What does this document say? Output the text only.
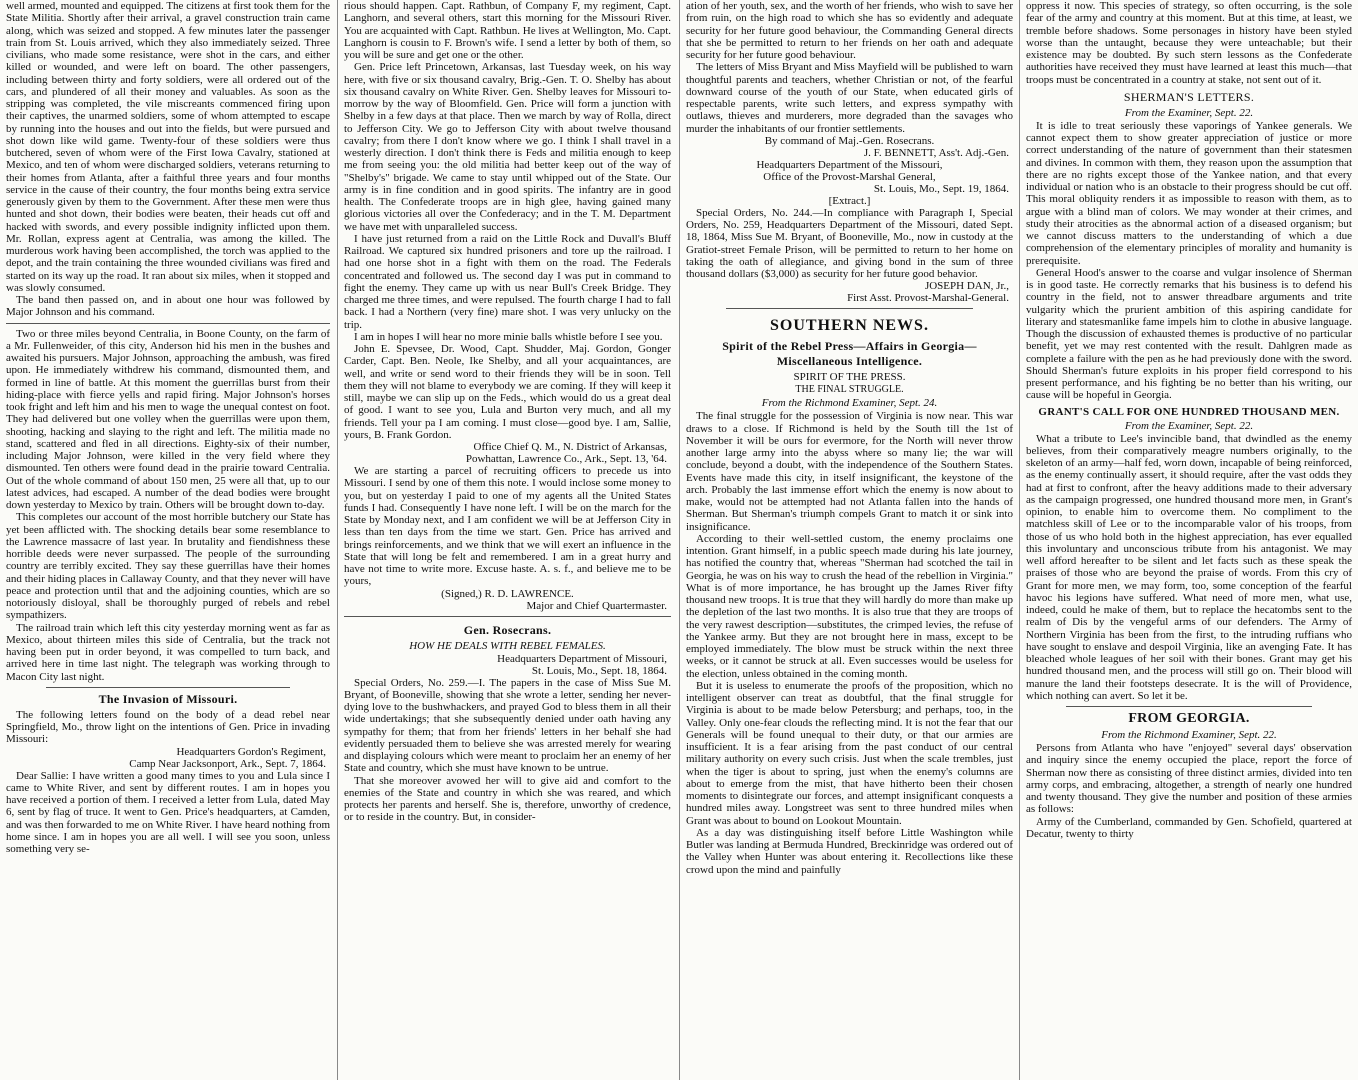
well armed, mounted and equipped. The citizens at first took them for the State Militia. Shortly after their arrival, a gravel construction train came along, which was seized and stopped. A few minutes later the passenger train from St. Louis arrived, which they also immediately seized. Three civilians, who made some resistance, were shot in the cars, and either killed or wounded, and were left on board. The other passengers, including between thirty and forty soldiers, were all ordered out of the cars, and plundered of all their money and valuables. As soon as the stripping was completed, the vile miscreants commenced firing upon their captives, the unarmed soldiers, some of whom attempted to escape by running into the houses and out into the fields, but were pursued and shot down like wild game. Twenty-four of these soldiers were thus butchered, seven of whom were of the First Iowa Cavalry, stationed at Mexico, and ten of whom were discharged soldiers, veterans returning to their homes from Atlanta, after a faithful three years and four months service in the cause of their country, the four months being extra service generously given by them to the Government. After these men were thus hunted and shot down, their bodies were beaten, their heads cut off and hacked with swords, and every possible indignity inflicted upon them. Mr. Rollan, express agent at Centralia, was among the killed. The murderous work having been accomplished, the torch was applied to the depot, and the train containing the three wounded civilians was fired and started on its way up the road. It ran about six miles, when it stopped and was slowly consumed.

The band then passed on, and in about one hour was followed by Major Johnson and his command.

Two or three miles beyond Centralia, in Boone County, on the farm of a Mr. Fullenweider, of this city, Anderson hid his men in the bushes and awaited his pursuers. Major Johnson, approaching the ambush, was fired upon. He immediately withdrew his command, dismounted them, and formed in line of battle. At this moment the guerrillas burst from their hiding-place with fierce yells and rapid firing. Major Johnson's horses took fright and left him and his men to wage the unequal contest on foot. They had delivered but one volley when the guerrillas were upon them, shooting, hacking and slaying to the right and left. The militia made no stand, scattered and fled in all directions. Eighty-six of their number, including Major Johnson, were killed in the very field where they dismounted. Ten others were found dead in the prairie toward Centralia. Out of the whole command of about 150 men, 25 were all that, up to our latest advices, had escaped. A number of the dead bodies were brought down yesterday to Mexico by train. Others will be brought down to-day.

This completes our account of the most horrible butchery our State has yet been afflicted with. The shocking details bear some resemblance to the Lawrence massacre of last year. In brutality and fiendishness these horrible deeds were never surpassed. The people of the surrounding country are terribly excited. They say these guerrillas have their homes and their hiding places in Callaway County, and that they never will have peace and protection until that and the adjoining counties, which are so notoriously disloyal, shall be thoroughly purged of rebels and rebel sympathizers.

The railroad train which left this city yesterday morning went as far as Mexico, about thirteen miles this side of Centralia, but the track not having been put in order beyond, it was compelled to turn back, and arrived here in time last night. The telegraph was working through to Macon City last night.

The Invasion of Missouri.

The following letters found on the body of a dead rebel near Springfield, Mo., throw light on the intentions of Gen. Price in invading Missouri:

Headquarters Gordon's Regiment,
Camp Near Jacksonport, Ark., Sept. 7, 1864.

Dear Sallie: I have written a good many times to you and Lula since I came to White River, and sent by different routes. I am in hopes you have received a portion of them. I received a letter from Lula, dated May 6, sent by flag of truce. It went to Gen. Price's headquarters, at Camden, and was then forwarded to me on White River. I have heard nothing from home since. I am in hopes you are all well. I will see you soon, unless something very se-

rious should happen. Capt. Rathbun, of Company F, my regiment, Capt. Langhorn, and several others, start this morning for the Missouri River. You are acquainted with Capt. Rathbun. He lives at Wellington, Mo. Capt. Langhorn is cousin to F. Brown's wife. I send a letter by both of them, so you will be sure and get one or the other.

Gen. Price left Princetown, Arkansas, last Tuesday week, on his way here, with five or six thousand cavalry, Brig.-Gen. T. O. Shelby has about six thousand cavalry on White River. Gen. Shelby leaves for Missouri to-morrow by the way of Bloomfield. Gen. Price will form a junction with Shelby in a few days at that place. Then we march by way of Rolla, direct to Jefferson City. We go to Jefferson City with about twelve thousand cavalry; from there I don't know where we go. I think I shall travel in a westerly direction. I don't think there is Feds and militia enough to keep me from seeing you: the old militia had better keep out of the way of "Shelby's" brigade. We came to stay until whipped out of the State. Our army is in fine condition and in good spirits. The infantry are in good health. The Confederate troops are in high glee, having gained many glorious victories all over the Confederacy; and in the T. M. Department we have met with unparalleled success.

I have just returned from a raid on the Little Rock and Duvall's Bluff Railroad. We captured six hundred prisoners and tore up the railroad. I had one horse shot in a fight with them on the road. The Federals concentrated and followed us. The second day I was put in command to fight the enemy. They came up with us near Bull's Creek Bridge. They charged me three times, and were repulsed. The fourth charge I had to fall back. I had a Northern (very fine) mare shot. I was very unlucky on the trip.

I am in hopes I will hear no more minie balls whistle before I see you.

John E. Spevsee, Dr. Wood, Capt. Shudder, Maj. Gordon, Gonger Carder, Capt. Ben. Neole, Ike Shelby, and all your acquaintances, are well, and write or send word to their friends they will be in soon. Tell them they will not blame to everybody we are coming. If they will keep it still, maybe we can slip up on the Feds., which would do us a great deal of good. I want to see you, Lula and Burton very much, and all my friends. Tell your pa I am coming. I must close—good bye. I am, Sallie, yours, B. Frank Gordon.

Office Chief Q. M., N. District of Arkansas,
Powhattan, Lawrence Co., Ark., Sept. 13, '64.

We are starting a parcel of recruiting officers to precede us into Missouri. I send by one of them this note. I would inclose some money to you, but on yesterday I paid to one of my agents all the United States funds I had. Consequently I have none left. I will be on the march for the State by Monday next, and I am confident we will be at Jefferson City in less than ten days from the time we start. Gen. Price has arrived and brings reinforcements, and we think that we will exert an influence in the State that will long be felt and remembered. I am in a great hurry and have not time to write more. Excuse haste. A. s. f., and believe me to be yours,

(Signed,) R. D. LAWRENCE.
Major and Chief Quartermaster.
Gen. Rosecrans.
HOW HE DEALS WITH REBEL FEMALES.
Headquarters Department of Missouri,
St. Louis, Mo., Sept. 18, 1864.

Special Orders, No. 259.—I. The papers in the case of Miss Sue M. Bryant, of Booneville, showing that she wrote a letter, sending her never-dying love to the bushwhackers, and prayed God to bless them in all their wide undertakings; that she subsequently denied under oath having any sympathy for them; that from her friends' letters in her behalf she had evidently persuaded them to believe she was arrested merely for wearing and displaying colours which were meant to proclaim her an enemy of her State and country, which she must have known to be untrue.

That she moreover avowed her will to give aid and comfort to the enemies of the State and country in which she was reared, and which protects her parents and herself. She is, therefore, unworthy of credence, or to reside in the country. But, in consider-

ation of her youth, sex, and the worth of her friends, who wish to save her from ruin, on the high road to which she has so evidently and adequate security for her future good behaviour, the Commanding General directs that she be permitted to return to her friends on her oath and adequate security for her future good behaviour.

The letters of Miss Bryant and Miss Mayfield will be published to warn thoughtful parents and teachers, whether Christian or not, of the fearful downward course of the youth of our State, when educated girls of respectable parents, write such letters, and express sympathy with outlaws, thieves and murderers, more degraded than the savages who murder the inhabitants of our frontier settlements.

By command of Maj.-Gen. Rosecrans.
J. F. BENNETT, Ass't. Adj.-Gen.
Headquarters Department of the Missouri,
Office of the Provost-Marshal General,
St. Louis, Mo., Sept. 19, 1864.
[Extract.]

Special Orders, No. 244.—In compliance with Paragraph I, Special Orders, No. 259, Headquarters Department of the Missouri, dated Sept. 18, 1864, Miss Sue M. Bryant, of Booneville, Mo., now in custody at the Gratiot-street Female Prison, will be permitted to return to her home on taking the oath of allegiance, and giving bond in the sum of three thousand dollars ($3,000) as security for her future good behavior.

JOSEPH DAN, Jr.,
First Asst. Provost-Marshal-General.
SOUTHERN NEWS.
Spirit of the Rebel Press—Affairs in Georgia—Miscellaneous Intelligence.
SPIRIT OF THE PRESS.
THE FINAL STRUGGLE.
From the Richmond Examiner, Sept. 24.

The final struggle for the possession of Virginia is now near. This war draws to a close. If Richmond is held by the South till the 1st of November it will be ours for evermore, for the North will never throw another large army into the abyss where so many lie; the war will conclude, beyond a doubt, with the independence of the Southern States. Events have made this city, in itself insignificant, the keystone of the arch. Probably the last immense effort which the enemy is now about to make, would not be attempted had not Atlanta fallen into the hands of Sherman. But Sherman's triumph compels Grant to match it or sink into insignificance.

According to their well-settled custom, the enemy proclaims one intention. Grant himself, in a public speech made during his late journey, has notified the country that, whereas "Sherman had scotched the tail in Georgia, he was on his way to crush the head of the rebellion in Virginia." What is of more importance, he has brought up the James River fifty thousand new troops. It is true that they will hardly do more than make up the depletion of the last two months. It is also true that they are troops of the very rawest description—substitutes, the crimped levies, the refuse of the Yankee army. But they are not brought here in mass, except to be employed immediately. The blow must be struck within the next three weeks, or it cannot be struck at all. Even successes would be useless for the election, unless obtained in the coming month.

But it is useless to enumerate the proofs of the proposition, which no intelligent observer can treat as doubtful, that the final struggle for Virginia is about to be made below Petersburg; and perhaps, too, in the Valley. Only one-fear clouds the reflecting mind. It is not the fear that our Generals will be found unequal to their duty, or that our armies are insufficient. It is a fear arising from the past conduct of our central military authority on every such crisis. Just when the scale trembles, just when the tiger is about to spring, just when the enemy's columns are about to emerge from the mist, that have hitherto been their chosen moments to disintegrate our forces, and attempt insignificant conquests a hundred miles away. Longstreet was sent to three hundred miles when Grant was about to bound on Lookout Mountain.

As a day was distinguishing itself before Little Washington while Butler was landing at Bermuda Hundred, Breckinridge was ordered out of the Valley when Hunter was about entering it. Recollections like these crowd upon the mind and painfully

oppress it now. This species of strategy, so often occurring, is the sole fear of the army and country at this moment. But at this time, at least, we tremble before shadows. Some personages in history have been styled worse than the untaught, because they were unteachable; but their existence may be doubted. By such stern lessons as the Confederate authorities have received they must have learned at least this much—that troops must be concentrated in a country at stake, not sent out of it.

SHERMAN'S LETTERS.
From the Examiner, Sept. 22.

It is idle to treat seriously these vaporings of Yankee generals. We cannot expect them to show greater appreciation of justice or more correct understanding of the nature of government than their statesmen and divines. In common with them, they reason upon the assumption that there are no rights except those of the Yankee nation, and that every individual or nation who is an obstacle to their progress should be cut off. This moral obliquity renders it as impossible to reason with them, as to argue with a blind man of colors. We may wonder at their crimes, and study their atrocities as the abnormal action of a diseased organism; but we cannot discuss matters to the understanding of which a due comprehension of the elementary principles of morality and humanity is prerequisite.

General Hood's answer to the coarse and vulgar insolence of Sherman is in good taste. He correctly remarks that his business is to defend his country in the field, not to answer threadbare arguments and trite vulgarity which the prurient ambition of this aspiring candidate for literary and statesmanlike fame impels him to clothe in abusive language. Though the discussion of exhausted themes is productive of no particular benefit, yet we may rest contented with the result. Dahlgren made as complete a failure with the pen as he had previously done with the sword. Should Sherman's future exploits in his proper field correspond to his present performance, and his fighting be no better than his writing, our cause will be hopeful in Georgia.

GRANT'S CALL FOR ONE HUNDRED THOUSAND MEN.
From the Examiner, Sept. 22.

What a tribute to Lee's invincible band, that dwindled as the enemy believes, from their comparatively meagre numbers originally, to the skeleton of an army—half fed, worn down, incapable of being reinforced, as the enemy continually assert, it should require, after the vast odds they had at first to confront, after the heavy additions made to their adversary as the campaign progressed, one hundred thousand more men, in Grant's opinion, to enable him to overcome them. No compliment to the matchless skill of Lee or to the incomparable valor of his troops, from those of us who hold both in the highest appreciation, has ever equalled this involuntary and unconscious tribute from his antagonist. We may well afford hereafter to be silent and let facts such as these speak the praises of those who are beyond the praise of words. From this cry of Grant for more men, we may form, too, some conception of the fearful havoc his legions have suffered. What need of more men, what use, indeed, could he make of them, but to replace the hecatombs sent to the realm of Dis by the vengeful arms of our defenders. The Army of Northern Virginia has been from the first, to the intruding ruffians who have sought to enslave and despoil Virginia, like an avenging Fate. It has bleached whole leagues of her soil with their bones. Grant may get his hundred thousand men, and the process will still go on. Their blood will manure the land their footsteps desecrate. It is the will of Providence, which nothing can avert. So let it be.

FROM GEORGIA.
From the Richmond Examiner, Sept. 22.

Persons from Atlanta who have "enjoyed" several days' observation and inquiry since the enemy occupied the place, report the force of Sherman now there as consisting of three distinct armies, divided into ten army corps, and embracing, altogether, a strength of nearly one hundred and twenty thousand. They give the number and position of these armies as follows:

Army of the Cumberland, commanded by Gen. Schofield, quartered at Decatur, twenty to thirty
